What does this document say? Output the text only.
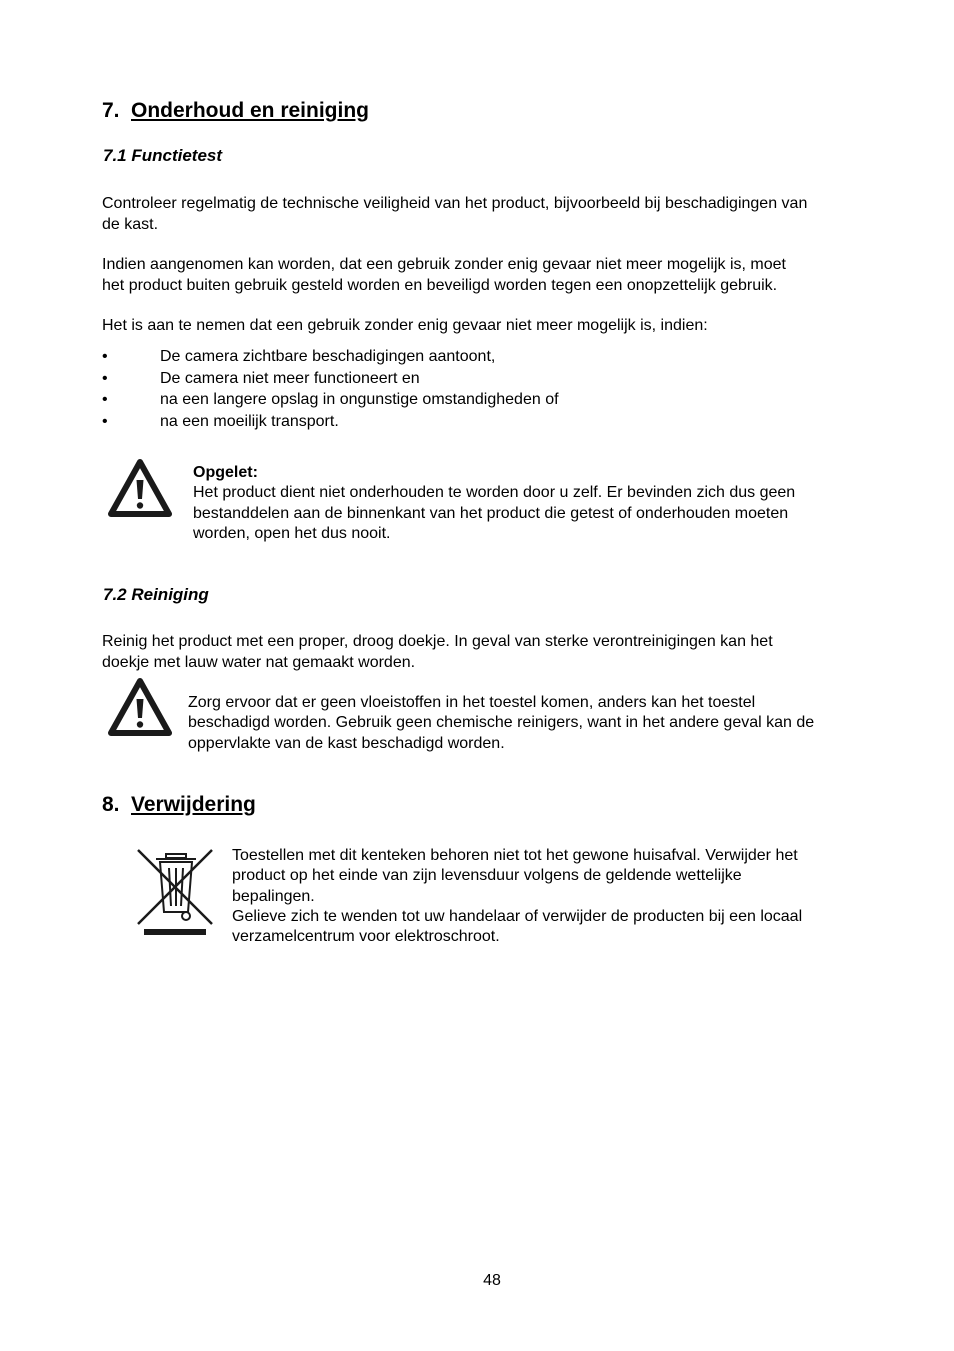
7. Onderhoud en reiniging
7.1 Functietest
Controleer regelmatig de technische veiligheid van het product, bijvoorbeeld bij beschadigingen van
de kast.
Indien aangenomen kan worden, dat een gebruik zonder enig gevaar niet meer mogelijk is, moet
het product buiten gebruik gesteld worden en beveiligd worden tegen een onopzettelijk gebruik.
Het is aan te nemen dat een gebruik zonder enig gevaar niet meer mogelijk is, indien:
•	De camera zichtbare beschadigingen aantoont,
•	De camera niet meer functioneert en
•	na een langere opslag in ongunstige omstandigheden of
•	na een moeilijk transport.
Opgelet:
Het product dient niet onderhouden te worden door u zelf. Er bevinden zich dus geen
bestanddelen aan de binnenkant van het product die getest of onderhouden moeten
worden, open het dus nooit.
7.2 Reiniging
Reinig het product met een proper, droog doekje. In geval van sterke verontreinigingen kan het
doekje met lauw water nat gemaakt worden.
Zorg ervoor dat er geen vloeistoffen in het toestel komen, anders kan het toestel
beschadigd worden. Gebruik geen chemische reinigers, want in het andere geval kan de
oppervlakte van de kast beschadigd worden.
8. Verwijdering
Toestellen met dit kenteken behoren niet tot het gewone huisafval. Verwijder het
product op het einde van zijn levensduur volgens de geldende wettelijke
bepalingen.
Gelieve zich te wenden tot uw handelaar of verwijder de producten bij een locaal
verzamelcentrum voor elektroschroot.
48
